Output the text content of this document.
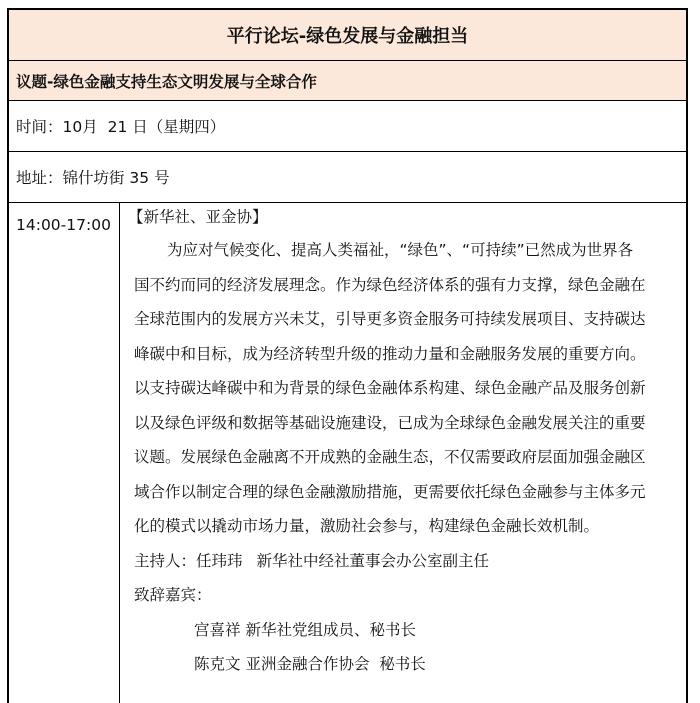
平行论坛-绿色发展与金融担当
议题-绿色金融支持生态文明发展与全球合作
时间：10月  21 日（星期四）
地址：锦什坊街 35 号
14:00-17:00	【新华社、亚金协】
为应对气候变化、提高人类福祉，“绿色”、“可持续”已然成为世界各
国不约而同的经济发展理念。作为绿色经济体系的强有力支撑，绿色金融在
全球范围内的发展方兴未艾，引导更多资金服务可持续发展项目、支持碳达
峰碳中和目标，成为经济转型升级的推动力量和金融服务发展的重要方向。
以支持碳达峰碳中和为背景的绿色金融体系构建、绿色金融产品及服务创新
以及绿色评级和数据等基础设施建设，已成为全球绿色金融发展关注的重要
议题。发展绿色金融离不开成熟的金融生态，不仅需要政府层面加强金融区
域合作以制定合理的绿色金融激励措施，更需要依托绿色金融参与主体多元
化的模式以撬动市场力量，激励社会参与，构建绿色金融长效机制。
主持人：任玮玮 新华社中经社董事会办公室副主任
致辞嘉宾：
宫喜祥 新华社党组成员、秘书长
陈克文 亚洲金融合作协会  秘书长
